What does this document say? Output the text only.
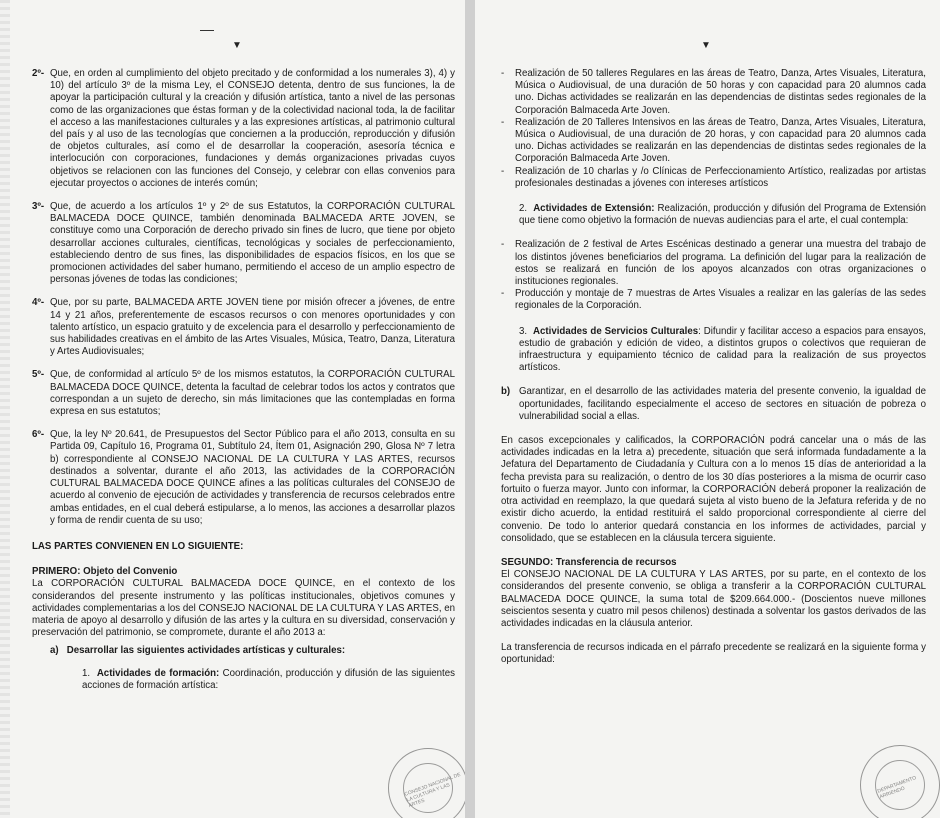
▼
2º- Que, en orden al cumplimiento del objeto precitado y de conformidad a los numerales 3), 4) y 10) del artículo 3º de la misma Ley, el CONSEJO detenta, dentro de sus funciones, la de apoyar la participación cultural y la creación y difusión artística, tanto a nivel de las personas como de las organizaciones que éstas forman y de la colectividad nacional toda, la de facilitar el acceso a las manifestaciones culturales y a las expresiones artísticas, al patrimonio cultural del país y al uso de las tecnologías que conciernen a la producción, reproducción y difusión de objetos culturales, así como el de desarrollar la cooperación, asesoría técnica e interlocución con corporaciones, fundaciones y demás organizaciones privadas cuyos objetivos se relacionen con las funciones del Consejo, y celebrar con ellas convenios para ejecutar proyectos o acciones de interés común;
3º- Que, de acuerdo a los artículos 1º y 2º de sus Estatutos, la CORPORACIÓN CULTURAL BALMACEDA DOCE QUINCE, también denominada BALMACEDA ARTE JOVEN, se constituye como una Corporación de derecho privado sin fines de lucro, que tiene por objeto desarrollar acciones culturales, científicas, tecnológicas y sociales de perfeccionamiento, estableciendo dentro de sus fines, las disponibilidades de espacios físicos, en los que se promocionen actividades del saber humano, permitiendo el acceso de un amplio espectro de personas jóvenes de todas las condiciones;
4º- Que, por su parte, BALMACEDA ARTE JOVEN tiene por misión ofrecer a jóvenes, de entre 14 y 21 años, preferentemente de escasos recursos o con menores oportunidades y con talento artístico, un espacio gratuito y de excelencia para el desarrollo y perfeccionamiento de sus habilidades creativas en el ámbito de las Artes Visuales, Música, Teatro, Danza, Literatura y Artes Audiovisuales;
5º- Que, de conformidad al artículo 5º de los mismos estatutos, la CORPORACIÓN CULTURAL BALMACEDA DOCE QUINCE, detenta la facultad de celebrar todos los actos y contratos que correspondan a un sujeto de derecho, sin más limitaciones que las contempladas en forma expresa en sus estatutos;
6º- Que, la ley Nº 20.641, de Presupuestos del Sector Público para el año 2013, consulta en su Partida 09, Capítulo 16, Programa 01, Subtítulo 24, Ítem 01, Asignación 290, Glosa Nº 7 letra b) correspondiente al CONSEJO NACIONAL DE LA CULTURA Y LAS ARTES, recursos destinados a solventar, durante el año 2013, las actividades de la CORPORACIÓN CULTURAL BALMACEDA DOCE QUINCE afines a las políticas culturales del CONSEJO de acuerdo al convenio de ejecución de actividades y transferencia de recursos celebrados entre ambas entidades, en el cual deberá estipularse, a lo menos, las acciones a desarrollar plazos y forma de rendir cuenta de su uso;
LAS PARTES CONVIENEN EN LO SIGUIENTE:
PRIMERO: Objeto del Convenio
La CORPORACIÓN CULTURAL BALMACEDA DOCE QUINCE, en el contexto de los considerandos del presente instrumento y las políticas institucionales, objetivos comunes y actividades complementarias a los del CONSEJO NACIONAL DE LA CULTURA Y LAS ARTES, en materia de apoyo al desarrollo y difusión de las artes y la cultura en su diversidad, conservación y preservación del patrimonio, se compromete, durante el año 2013 a:
a) Desarrollar las siguientes actividades artísticas y culturales:
1. Actividades de formación: Coordinación, producción y difusión de las siguientes acciones de formación artística:
CONSEJO NACIONAL DE LA CULTURA Y LAS ARTES
▼
- Realización de 50 talleres Regulares en las áreas de Teatro, Danza, Artes Visuales, Literatura, Música o Audiovisual, de una duración de 50 horas y con capacidad para 20 alumnos cada uno. Dichas actividades se realizarán en las dependencias de distintas sedes regionales de la Corporación Balmaceda Arte Joven.
- Realización de 20 Talleres Intensivos en las áreas de Teatro, Danza, Artes Visuales, Literatura, Música o Audiovisual, de una duración de 20 horas, y con capacidad para 20 alumnos cada uno. Dichas actividades se realizarán en las dependencias de distintas sedes regionales de la Corporación Balmaceda Arte Joven.
- Realización de 10 charlas y /o Clínicas de Perfeccionamiento Artístico, realizadas por artistas profesionales destinadas a jóvenes con intereses artísticos
2. Actividades de Extensión: Realización, producción y difusión del Programa de Extensión que tiene como objetivo la formación de nuevas audiencias para el arte, el cual contempla:
- Realización de 2 festival de Artes Escénicas destinado a generar una muestra del trabajo de los distintos jóvenes beneficiarios del programa. La definición del lugar para la realización de estos se realizará en función de los apoyos alcanzados con otras organizaciones o instituciones regionales.
- Producción y montaje de 7 muestras de Artes Visuales a realizar en las galerías de las sedes regionales de la Corporación.
3. Actividades de Servicios Culturales: Difundir y facilitar acceso a espacios para ensayos, estudio de grabación y edición de video, a distintos grupos o colectivos que requieran de infraestructura y equipamiento técnico de calidad para la realización de sus proyectos artísticos.
b) Garantizar, en el desarrollo de las actividades materia del presente convenio, la igualdad de oportunidades, facilitando especialmente el acceso de sectores en situación de pobreza o vulnerabilidad social a ellas.
En casos excepcionales y calificados, la CORPORACIÓN podrá cancelar una o más de las actividades indicadas en la letra a) precedente, situación que será informada fundadamente a la Jefatura del Departamento de Ciudadanía y Cultura con a lo menos 15 días de anterioridad a la fecha prevista para su realización, o dentro de los 30 días posteriores a la misma de ocurrir caso fortuito o fuerza mayor. Junto con informar, la CORPORACIÓN deberá proponer la realización de otra actividad en reemplazo, la que quedará sujeta al visto bueno de la Jefatura referida y de no existir dicho acuerdo, la entidad restituirá el saldo proporcional correspondiente al cierre del convenio. De todo lo anterior quedará constancia en los informes de actividades, parcial y consolidado, que se establecen en la cláusula tercera siguiente.
SEGUNDO: Transferencia de recursos
El CONSEJO NACIONAL DE LA CULTURA Y LAS ARTES, por su parte, en el contexto de los considerandos del presente convenio, se obliga a transferir a la CORPORACIÓN CULTURAL BALMACEDA DOCE QUINCE, la suma total de $209.664.000.- (Doscientos nueve millones seiscientos sesenta y cuatro mil pesos chilenos) destinada a solventar los gastos derivados de las actividades indicadas en la cláusula anterior.
La transferencia de recursos indicada en el párrafo precedente se realizará en la siguiente forma y oportunidad:
DEPARTAMENTO ARRIENDO
